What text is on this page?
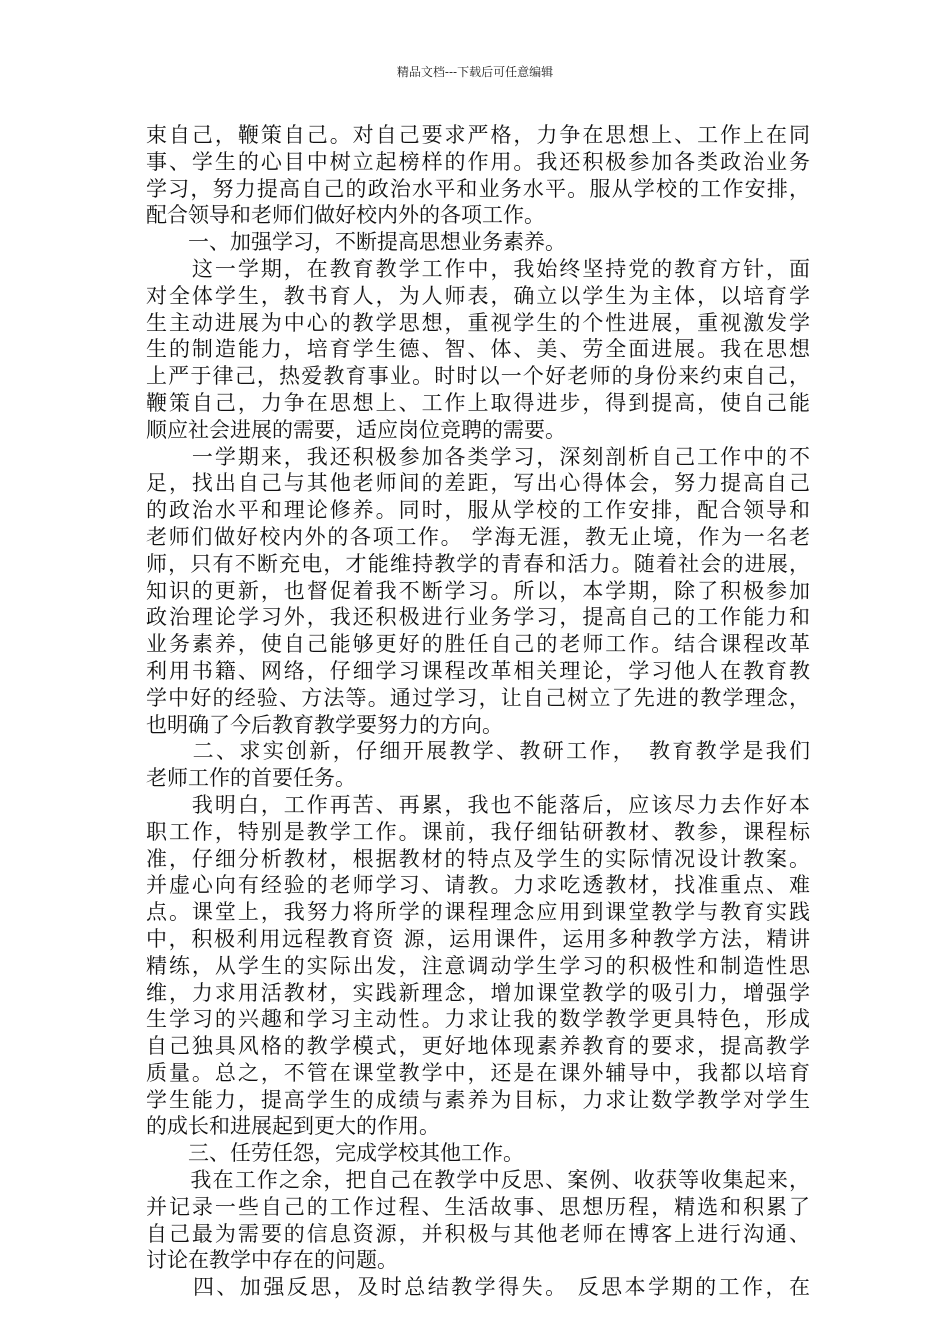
精品文档---下载后可任意编辑
束自己，鞭策自己。对自己要求严格，力争在思想上、工作上在同
事、学生的心目中树立起榜样的作用。我还积极参加各类政治业务
学习，努力提高自己的政治水平和业务水平。服从学校的工作安排，
配合领导和老师们做好校内外的各项工作。
　　一、加强学习，不断提高思想业务素养。
　　这一学期，在教育教学工作中，我始终坚持党的教育方针，面
对全体学生，教书育人，为人师表，确立以学生为主体，以培育学
生主动进展为中心的教学思想，重视学生的个性进展，重视激发学
生的制造能力，培育学生德、智、体、美、劳全面进展。我在思想
上严于律己，热爱教育事业。时时以一个好老师的身份来约束自己，
鞭策自己，力争在思想上、工作上取得进步，得到提高，使自己能
顺应社会进展的需要，适应岗位竞聘的需要。
　　一学期来，我还积极参加各类学习，深刻剖析自己工作中的不
足，找出自己与其他老师间的差距，写出心得体会，努力提高自己
的政治水平和理论修养。同时，服从学校的工作安排，配合领导和
老师们做好校内外的各项工作。 学海无涯，教无止境，作为一名老
师，只有不断充电，才能维持教学的青春和活力。随着社会的进展，
知识的更新，也督促着我不断学习。所以，本学期，除了积极参加
政治理论学习外，我还积极进行业务学习，提高自己的工作能力和
业务素养，使自己能够更好的胜任自己的老师工作。结合课程改革
利用书籍、网络，仔细学习课程改革相关理论，学习他人在教育教
学中好的经验、方法等。通过学习，让自己树立了先进的教学理念，
也明确了今后教育教学要努力的方向。
　　二、求实创新，仔细开展教学、教研工作，　教育教学是我们
老师工作的首要任务。
　　我明白，工作再苦、再累，我也不能落后，应该尽力去作好本
职工作，特别是教学工作。课前，我仔细钻研教材、教参，课程标
准，仔细分析教材，根据教材的特点及学生的实际情况设计教案。
并虚心向有经验的老师学习、请教。力求吃透教材，找准重点、难
点。课堂上，我努力将所学的课程理念应用到课堂教学与教育实践
中，积极利用远程教育资 源，运用课件，运用多种教学方法，精讲
精练，从学生的实际出发，注意调动学生学习的积极性和制造性思
维，力求用活教材，实践新理念，增加课堂教学的吸引力，增强学
生学习的兴趣和学习主动性。力求让我的数学教学更具特色，形成
自己独具风格的教学模式，更好地体现素养教育的要求，提高教学
质量。总之，不管在课堂教学中，还是在课外辅导中，我都以培育
学生能力，提高学生的成绩与素养为目标，力求让数学教学对学生
的成长和进展起到更大的作用。
　　三、任劳任怨，完成学校其他工作。
　　我在工作之余，把自己在教学中反思、案例、收获等收集起来，
并记录一些自己的工作过程、生活故事、思想历程，精选和积累了
自己最为需要的信息资源，并积极与其他老师在博客上进行沟通、
讨论在教学中存在的问题。
　　四、加强反思，及时总结教学得失。 反思本学期的工作，在
